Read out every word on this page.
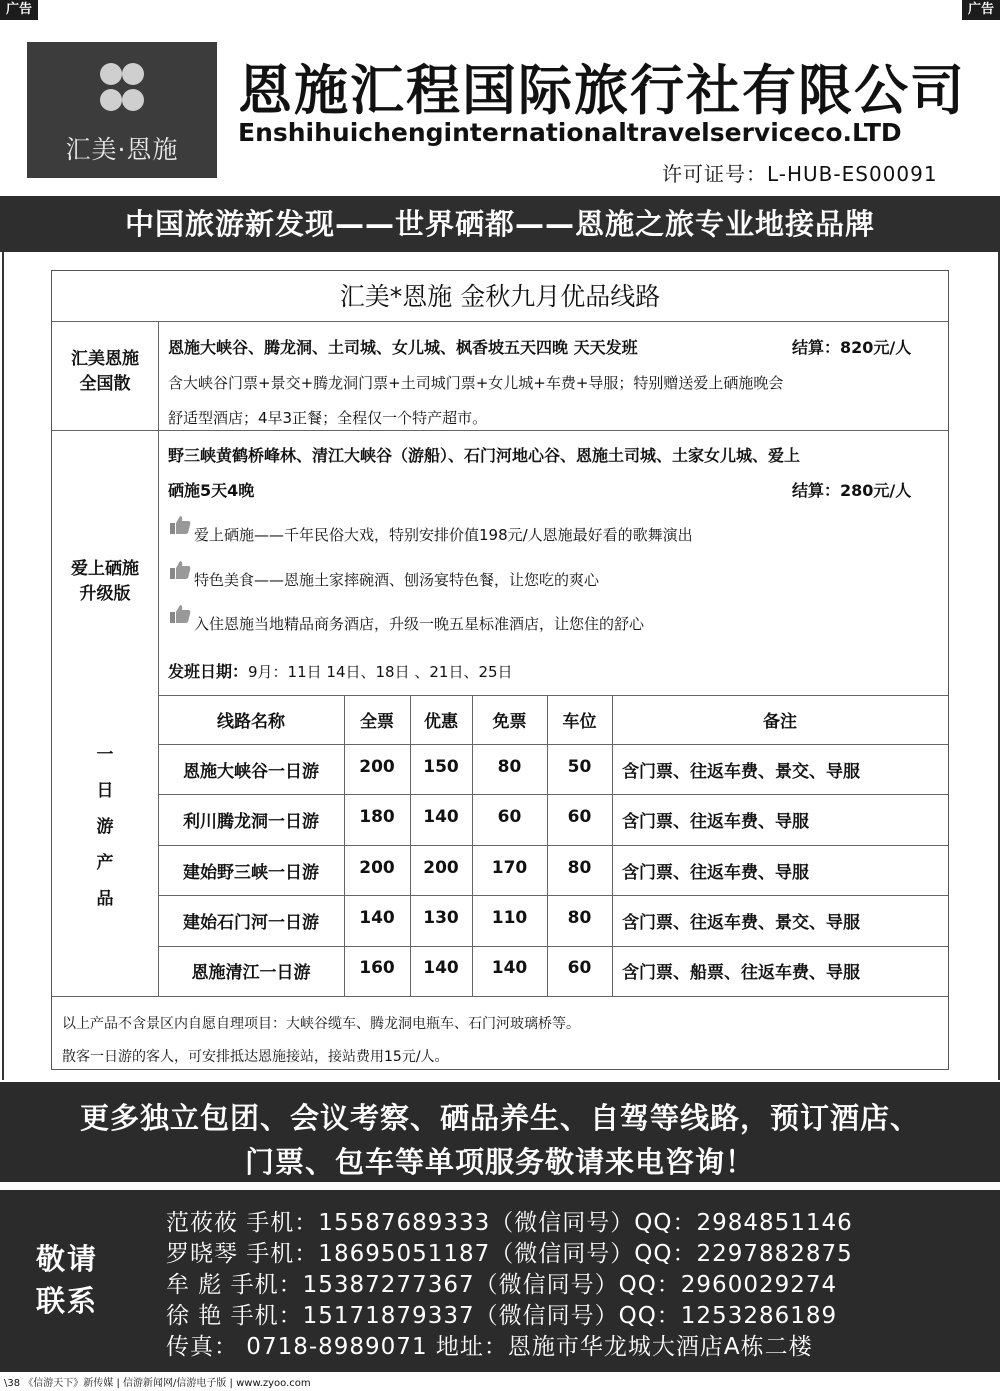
广告	广告
汇美·恩施
恩施汇程国际旅行社有限公司
Enshihuichenginternationaltravelserviceco.LTD
许可证号：L-HUB-ES00091
中国旅游新发现——世界硒都——恩施之旅专业地接品牌
汇美*恩施 金秋九月优品线路
汇美恩施
全国散
恩施大峡谷、腾龙洞、土司城、女儿城、枫香坡五天四晚 天天发班	结算：820元/人
含大峡谷门票+景交+腾龙洞门票+土司城门票+女儿城+车费+导服；特别赠送爱上硒施晚会
舒适型酒店；4早3正餐；全程仅一个特产超市。
爱上硒施
升级版
野三峡黄鹤桥峰林、清江大峡谷（游船）、石门河地心谷、恩施土司城、土家女儿城、爱上
硒施5天4晚	结算：280元/人
爱上硒施——千年民俗大戏，特别安排价值198元/人恩施最好看的歌舞演出
特色美食——恩施土家摔碗酒、刨汤宴特色餐，让您吃的爽心
入住恩施当地精品商务酒店，升级一晚五星标准酒店，让您住的舒心
发班日期：9月：11日 14日、18日 、21日、25日
一
日
游
产
品
线路名称	全票	优惠	免票	车位	备注
恩施大峡谷一日游	200	150	80	50	含门票、往返车费、景交、导服
利川腾龙洞一日游	180	140	60	60	含门票、往返车费、导服
建始野三峡一日游	200	200	170	80	含门票、往返车费、导服
建始石门河一日游	140	130	110	80	含门票、往返车费、景交、导服
恩施清江一日游	160	140	140	60	含门票、船票、往返车费、导服
以上产品不含景区内自愿自理项目：大峡谷缆车、腾龙洞电瓶车、石门河玻璃桥等。
散客一日游的客人，可安排抵达恩施接站，接站费用15元/人。
更多独立包团、会议考察、硒品养生、自驾等线路，预订酒店、
门票、包车等单项服务敬请来电咨询！
敬请
联系
范莜莜 手机：15587689333（微信同号）QQ：2984851146
罗晓琴 手机：18695051187（微信同号）QQ：2297882875
牟 彪 手机：15387277367（微信同号）QQ：2960029274
徐 艳 手机：15171879337（微信同号）QQ：1253286189
传真： 0718-8989071 地址：恩施市华龙城大酒店A栋二楼
\38 《信游天下》新传媒 | 信游新闻网/信游电子版 | www.zyoo.com
